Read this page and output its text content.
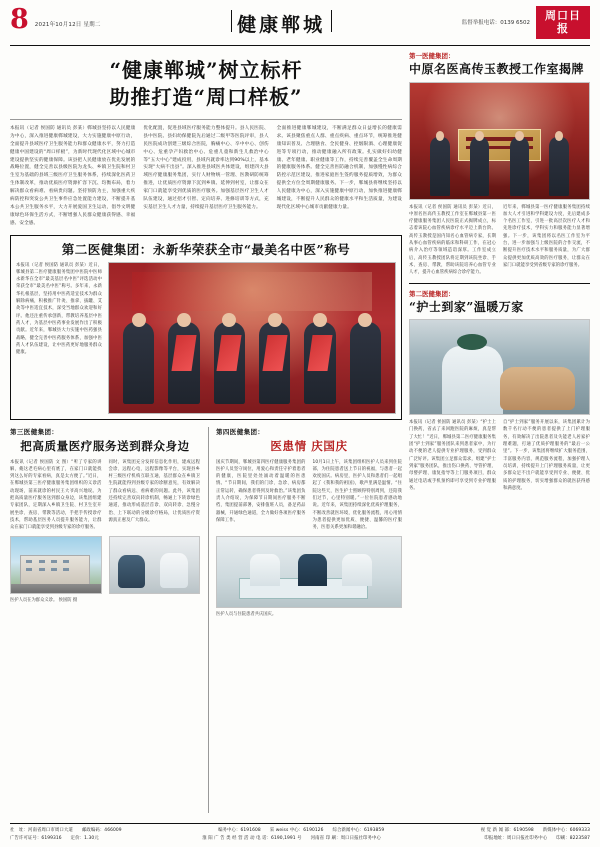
8 2021年10月12日 星期二	健康郸城	监督举报电话：0139 6502
周口日报
“健康郸城”树立标杆
助推打造“周口样板”
本报讯（记者 侯国防 通讯员 彭某）郸城县坚持以人民健康为中心，深入推进健康郸城建设，大力实施健康中原行动，全面提升县域医疗卫生服务能力和群众健康水平，努力打造健康中国建设的“周口样板”，为新时代现代化区域中心城市建设提供坚实的健康保障。该县把人民健康放在优先发展的战略位置，健全完善以县级医院为龙头、乡镇卫生院和村卫生室为基础的县域三级医疗卫生服务体系，持续深化医药卫生体制改革，推动优质医疗资源扩容下沉、均衡布局，着力解决群众看病难、看病贵问题。坚持预防为主，加强重大疾病防控和突发公共卫生事件应急处置能力建设，不断提升基本公共卫生服务水平，大力开展爱国卫生运动，倡导文明健康绿色环保生活方式，不断增强人民群众健康获得感、幸福感、安全感。
优化配置，促进县域医疗服务能力整体提升。县人民医院、县中医院、县妇幼保健院先后通过二级甲等医院评审，县人民医院成功创建三级综合医院，胸痛中心、卒中中心、创伤中心、危重孕产妇救治中心、危重儿童和新生儿救治中心等“五大中心”建成投用，县域内就诊率达到90%以上，基本实现“大病不出县”。深入推进县域医共体建设，组建四大县域医疗健康服务集团，实行人财物统一管理、医教研防统筹推进，让优质医疗资源下沉到乡镇、延伸到村室，让群众在家门口就能享受到优质的医疗服务。加强基层医疗卫生人才队伍建设，通过招才引智、定向培养、进修培训等方式，充实基层卫生人才力量，持续提升基层医疗卫生服务能力。
全面推进健康郸城建设，不断满足群众日益增长的健康需求。该县聚焦重点人群、重点疾病、重点环节，统筹推进健康知识普及、合理膳食、全民健身、控烟限酒、心理健康促进等专项行动，推动健康融入所有政策。扎实做好妇幼健康、老年健康、职业健康等工作，持续完善覆盖全生命周期的健康服务体系。健全完善医防融合机制，加强慢性病综合防控示范区建设，推进家庭医生签约服务提质增效，为群众提供全方位全周期健康服务。下一步，郸城县将继续坚持以人民健康为中心，深入实施健康中原行动，加快推进健康郸城建设，不断提升人民群众的健康水平和生活质量，为建设现代化区域中心城市贡献健康力量。
第二医健集团：永新华荣获全市“最美名中医”称号
本报讯（记者 侯国防 通讯员 彭某）近日，郸城县第二医疗健康服务集团中医院中医师永新华在全市“最美基层名中医”评选活动中荣获全市“最美名中医”称号。多年来，永新华扎根基层，坚持用中医药适宜技术为群众解除病痛，积极推广针灸、推拿、拔罐、艾灸等中医适宜技术，深受当地群众欢迎和好评。他还注重传承创新，带教培养基层中医药人才，为基层中医药事业发展作出了积极贡献。近年来，郸城县大力实施中医药强县战略，健全完善中医药服务体系，加强中医药人才队伍建设，让中医药更好地服务群众健康。
第三医健集团：
把高质量医疗服务送到群众身边
本报讯（记者 侯国防 文 图）“听了专家的讲解，俺这老毛病心里有底了，在家门口就能找到这么好的专家看病，真是太方便了。”近日，在郸城县第三医疗健康服务集团组织的义诊活动现场，前来就诊的村民王大爷高兴地说。为把高质量医疗服务送到群众身边，该集团组建专家团队，定期深入乡镇卫生院、村卫生室开展坐诊、查房、带教等活动，手把手传授诊疗技术，帮助基层医务人员提升服务能力，让群众在家门口就能享受到县级专家的诊疗服务。
同时，该集团充分发挥信息化作用，建成远程会诊、远程心电、远程影像等平台，实现县乡村三级医疗机构互联互通，基层群众在乡镇卫生院就能得到县级专家的诊断意见，有效解决了群众看病远、看病难的问题。此外，该集团还持续完善双向转诊机制，畅通上下转诊绿色通道，推动形成基层首诊、双向转诊、急慢分治、上下联动的分级诊疗格局，让优质医疗资源真正惠及广大群众。
医护人员在为群众义诊。 侯国防 摄
第四医健集团：
医患情 庆国庆
国庆节期间，郸城县第四医疗健康服务集团的医护人员坚守岗位，用爱心和责任守护着患者的健康，医院里处处涌动着温暖的医患情。“节日期间，我们的门诊、急诊、病房都正常运转，确保患者得到及时救治。”该集团负责人介绍说，为保障节日期间医疗服务不断档，集团提前部署，安排值班人员，备足药品器械，开通绿色通道，全力做好各项医疗服务保障工作。
10月1日上午，该集团组织医护人员来到住院部，为住院患者送上节日的祝福，与患者一起欢度国庆。病房里，医护人员和患者们一起唱起了《我和我的祖国》，歌声里满是温情。“住院这些天，医生护士照顾得特别周到，还陪我们过节，心里特别暖。”一位住院患者感动地说。近年来，该集团持续深化优质护理服务，不断改善就医环境，优化服务流程，用心用情为患者提供更加优质、便捷、温馨的医疗服务，医患关系更加和谐融洽。
医护人员与住院患者共庆国庆。
第一医健集团：
中原名医高传玉教授工作室揭牌
本报讯（记者 侯国防 通讯员 彭某）近日，中原名医高传玉教授工作室在郸城县第一医疗健康服务集团人民医院正式揭牌成立，标志着该院心血管疾病诊疗水平迈上新台阶。高传玉教授是国内知名心血管病专家，长期从事心血管疾病的临床和科研工作，在冠心病介入治疗等领域造诣深厚。工作室成立后，高传玉教授团队将定期到该院坐诊、手术、查房、带教，帮助该院培养心血管专业人才，提升心血管疾病综合诊疗能力。
近年来，郸城县第一医疗健康服务集团持续加大人才引进和学科建设力度，先后建成多个名医工作室，引进一批高层次医疗人才和先进诊疗技术，学科实力和服务能力显著增强。下一步，该集团将以名医工作室为平台，进一步加强与上级医院的合作交流，不断提升医疗技术水平和服务质量，为广大群众提供更加优质高效的医疗服务，让群众在家门口就能享受到省级专家的诊疗服务。
第二医健集团：
“护士到家”温暖万家
本报讯（记者 侯国防 通讯员 彭某）“护士上门换药，省去了来回跑医院的麻烦，真是帮了大忙！”近日，郸城县第二医疗健康服务集团“护士到家”服务团队来到患者家中，为行动不便的老人提供专业护理服务，受到群众广泛好评。该集团立足群众需求，组建“护士到家”服务团队，推出伤口换药、导管护理、母婴护理、康复指导等上门服务项目，群众通过电话或手机预约即可享受到专业护理服务。
自“护士到家”服务开展以来，该集团累计为数千名行动不便的患者提供了上门护理服务，有效解决了出院患者及失能老人居家护理难题，打通了优质护理服务的“最后一公里”。下一步，该集团将继续扩大服务范围，丰富服务内容，规范服务流程，加强护理人员培训，持续提升上门护理服务质量，让更多群众足不出户就能享受到专业、便捷、优质的护理服务，切实增强群众的就医获得感和满意度。
社　址：河南省周口市周口大道　　邮政编码：466009	编务中心：6191608　　采 weiss 中心：6190126　　综合新闻中心：6193859	视 觉 新 闻 部：6190598　　新媒体中心：6069333
广告许可证号：6199316　　定价：1.30元	淮 阳 广 告 类 经 营 活 动 电 话：6190,1991 号　　河南省 印 刷：周口日报社印务中心	印报地址：周口日报社印务中心　　印刷：8223587
